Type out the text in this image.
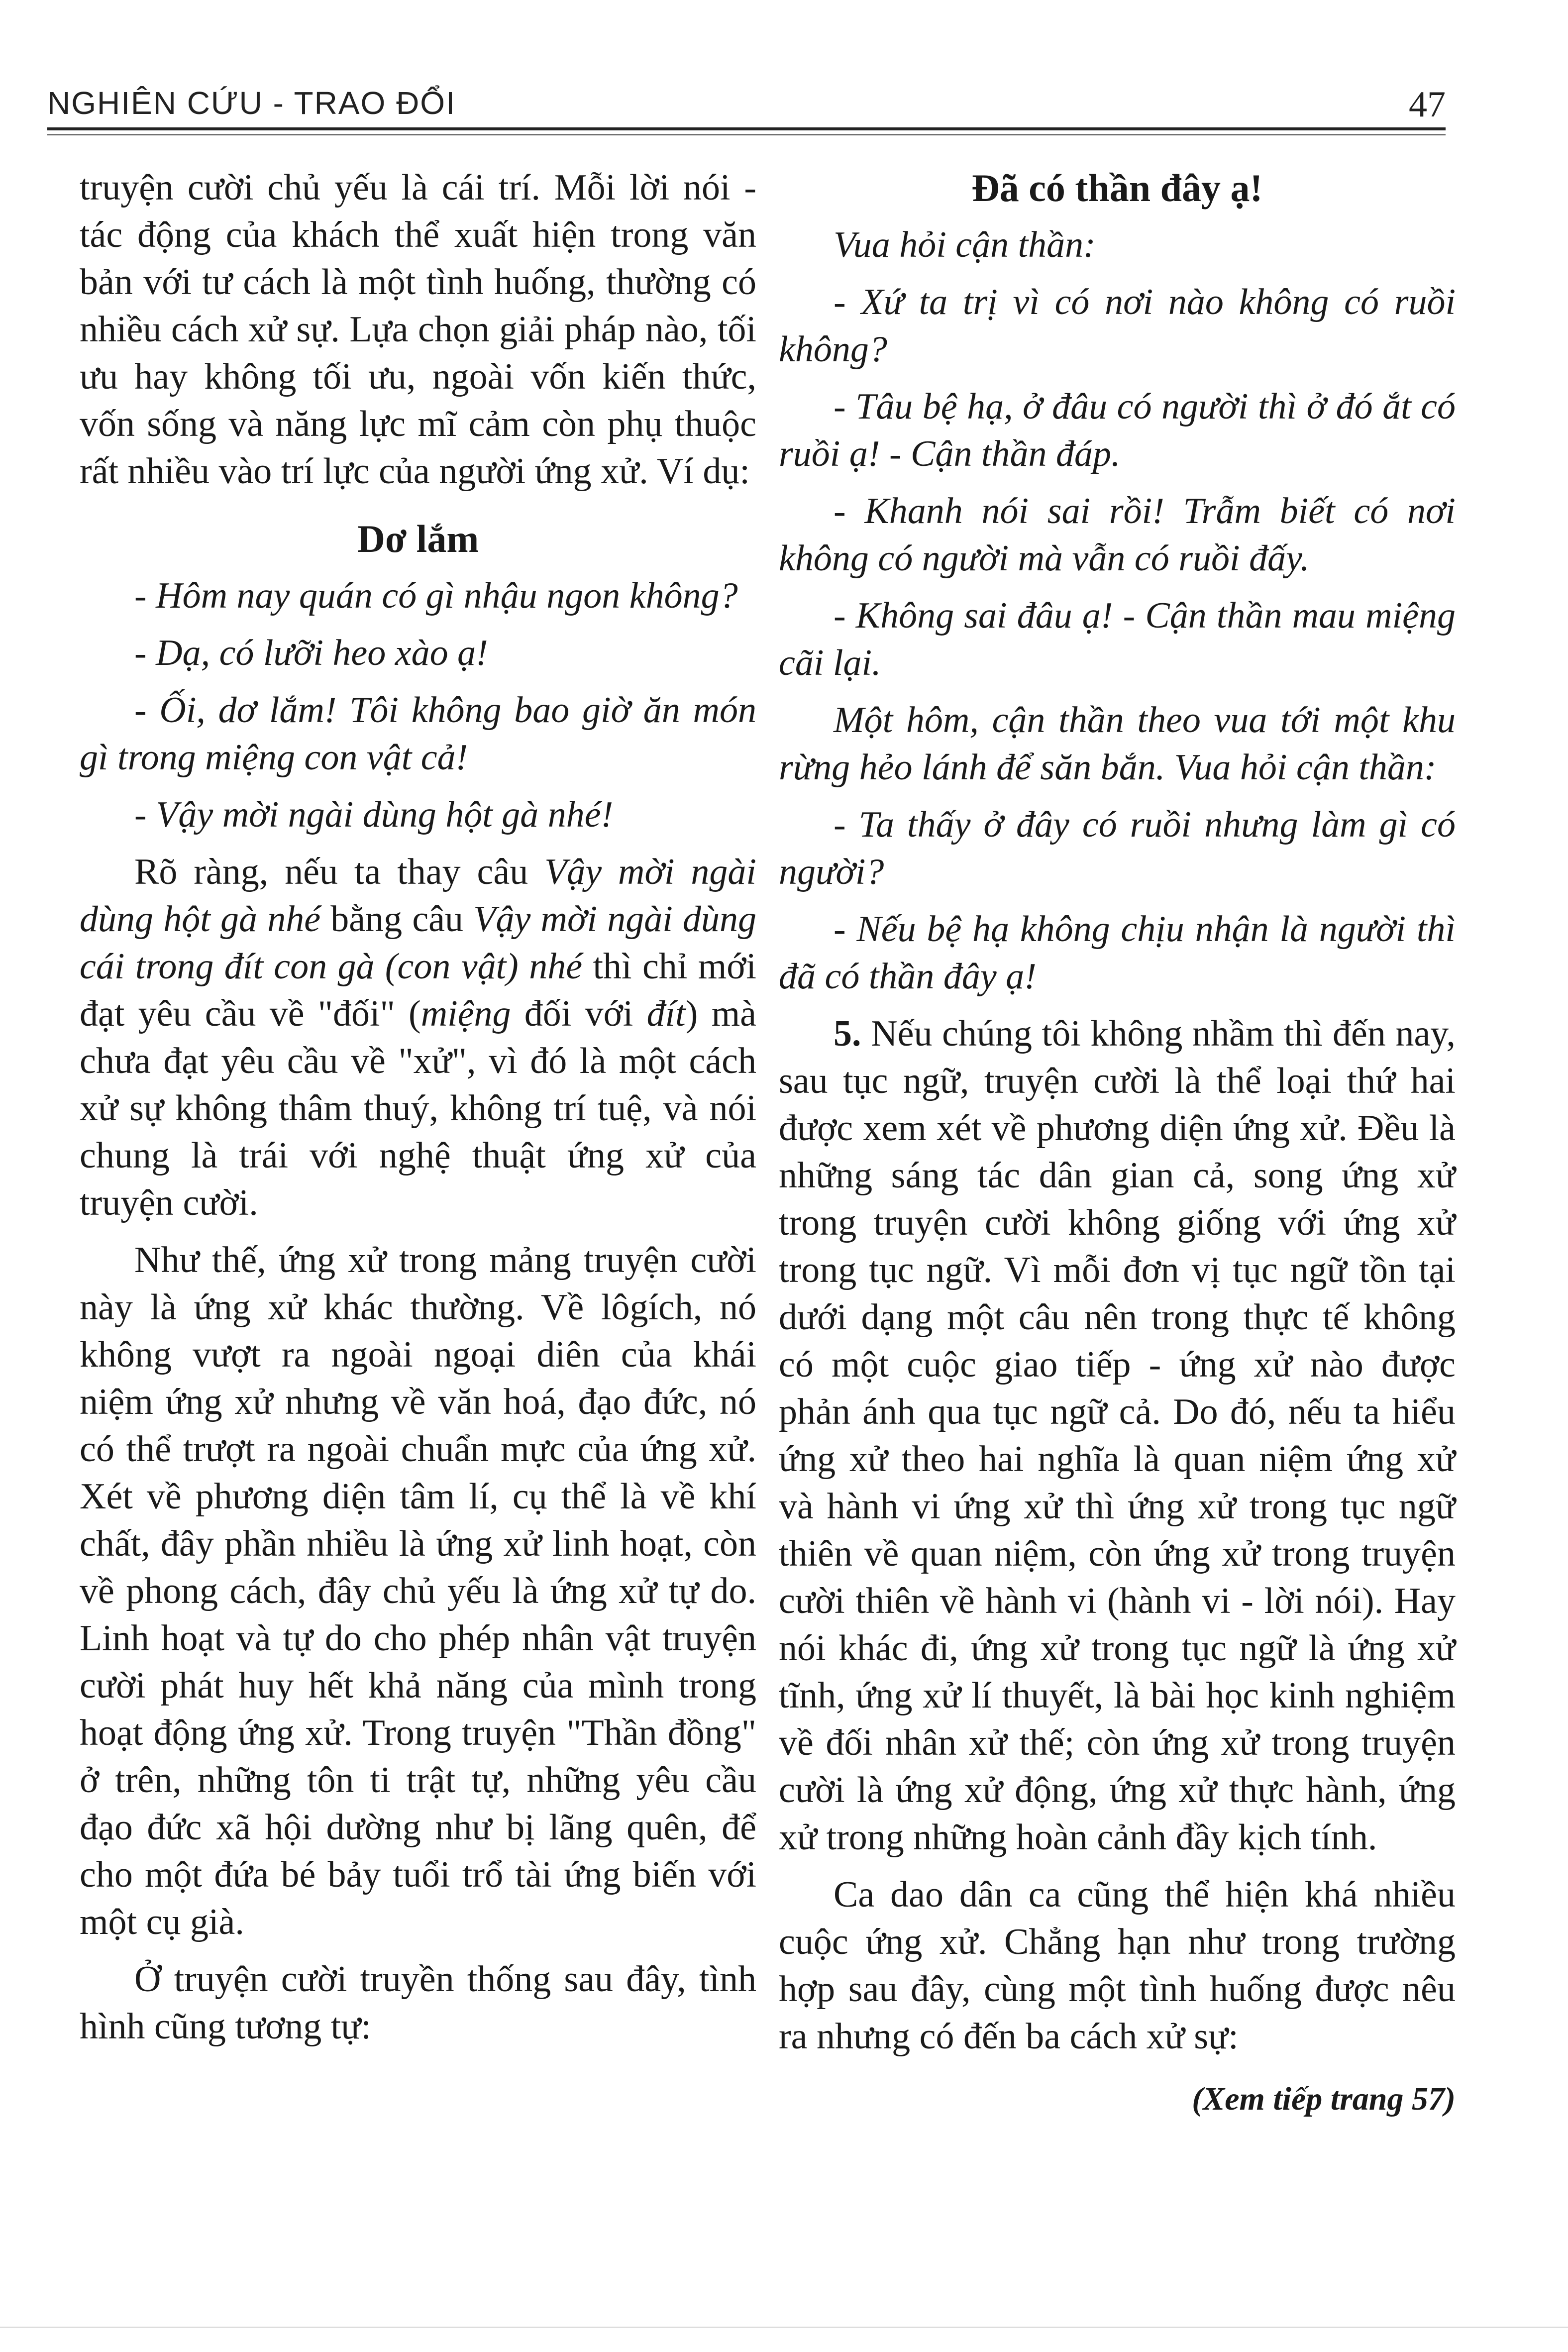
NGHIÊN CỨU - TRAO ĐỔI	47

truyện cười chủ yếu là cái trí. Mỗi lời nói - tác động của khách thể xuất hiện trong văn bản với tư cách là một tình huống, thường có nhiều cách xử sự. Lựa chọn giải pháp nào, tối ưu hay không tối ưu, ngoài vốn kiến thức, vốn sống và năng lực mĩ cảm còn phụ thuộc rất nhiều vào trí lực của người ứng xử. Ví dụ:

Dơ lắm

- Hôm nay quán có gì nhậu ngon không?

- Dạ, có lưỡi heo xào ạ!

- Ối, dơ lắm! Tôi không bao giờ ăn món gì trong miệng con vật cả!

- Vậy mời ngài dùng hột gà nhé!

Rõ ràng, nếu ta thay câu Vậy mời ngài dùng hột gà nhé bằng câu Vậy mời ngài dùng cái trong đít con gà (con vật) nhé thì chỉ mới đạt yêu cầu về "đối" (miệng đối với đít) mà chưa đạt yêu cầu về "xử", vì đó là một cách xử sự không thâm thuý, không trí tuệ, và nói chung là trái với nghệ thuật ứng xử của truyện cười.

Như thế, ứng xử trong mảng truyện cười này là ứng xử khác thường. Về lôgích, nó không vượt ra ngoài ngoại diên của khái niệm ứng xử nhưng về văn hoá, đạo đức, nó có thể trượt ra ngoài chuẩn mực của ứng xử. Xét về phương diện tâm lí, cụ thể là về khí chất, đây phần nhiều là ứng xử linh hoạt, còn về phong cách, đây chủ yếu là ứng xử tự do. Linh hoạt và tự do cho phép nhân vật truyện cười phát huy hết khả năng của mình trong hoạt động ứng xử. Trong truyện "Thần đồng" ở trên, những tôn ti trật tự, những yêu cầu đạo đức xã hội dường như bị lãng quên, để cho một đứa bé bảy tuổi trổ tài ứng biến với một cụ già.

Ở truyện cười truyền thống sau đây, tình hình cũng tương tự:

Đã có thần đây ạ!

Vua hỏi cận thần:

- Xứ ta trị vì có nơi nào không có ruồi không?

- Tâu bệ hạ, ở đâu có người thì ở đó ắt có ruồi ạ! - Cận thần đáp.

- Khanh nói sai rồi! Trẫm biết có nơi không có người mà vẫn có ruồi đấy.

- Không sai đâu ạ! - Cận thần mau miệng cãi lại.

Một hôm, cận thần theo vua tới một khu rừng hẻo lánh để săn bắn. Vua hỏi cận thần:

- Ta thấy ở đây có ruồi nhưng làm gì có người?

- Nếu bệ hạ không chịu nhận là người thì đã có thần đây ạ!

5. Nếu chúng tôi không nhầm thì đến nay, sau tục ngữ, truyện cười là thể loại thứ hai được xem xét về phương diện ứng xử. Đều là những sáng tác dân gian cả, song ứng xử trong truyện cười không giống với ứng xử trong tục ngữ. Vì mỗi đơn vị tục ngữ tồn tại dưới dạng một câu nên trong thực tế không có một cuộc giao tiếp - ứng xử nào được phản ánh qua tục ngữ cả. Do đó, nếu ta hiểu ứng xử theo hai nghĩa là quan niệm ứng xử và hành vi ứng xử thì ứng xử trong tục ngữ thiên về quan niệm, còn ứng xử trong truyện cười thiên về hành vi (hành vi - lời nói). Hay nói khác đi, ứng xử trong tục ngữ là ứng xử tĩnh, ứng xử lí thuyết, là bài học kinh nghiệm về đối nhân xử thế; còn ứng xử trong truyện cười là ứng xử động, ứng xử thực hành, ứng xử trong những hoàn cảnh đầy kịch tính.

Ca dao dân ca cũng thể hiện khá nhiều cuộc ứng xử. Chẳng hạn như trong trường hợp sau đây, cùng một tình huống được nêu ra nhưng có đến ba cách xử sự:

(Xem tiếp trang 57)
